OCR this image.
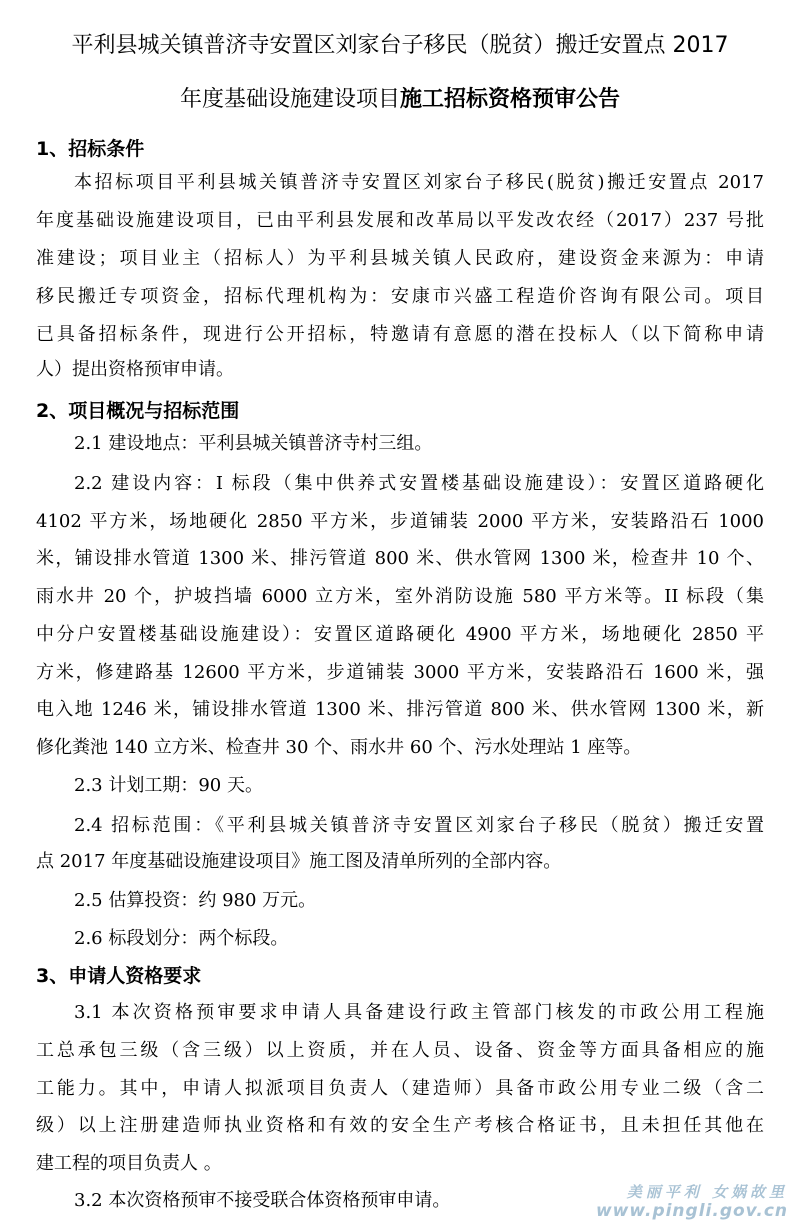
平利县城关镇普济寺安置区刘家台子移民（脱贫）搬迁安置点 2017
年度基础设施建设项目施工招标资格预审公告
1、招标条件
本招标项目平利县城关镇普济寺安置区刘家台子移民(脱贫)搬迁安置点 2017
年度基础设施建设项目，已由平利县发展和改革局以平发改农经（2017）237 号批
准建设；项目业主（招标人）为平利县城关镇人民政府，建设资金来源为：申请
移民搬迁专项资金，招标代理机构为：安康市兴盛工程造价咨询有限公司。项目
已具备招标条件，现进行公开招标，特邀请有意愿的潜在投标人（以下简称申请
人）提出资格预审申请。
2、项目概况与招标范围
2.1 建设地点：平利县城关镇普济寺村三组。
2.2 建设内容：I 标段（集中供养式安置楼基础设施建设）：安置区道路硬化
4102 平方米，场地硬化 2850 平方米，步道铺装 2000 平方米，安装路沿石 1000
米，铺设排水管道 1300 米、排污管道 800 米、供水管网 1300 米，检查井 10 个、
雨水井 20 个，护坡挡墙 6000 立方米，室外消防设施 580 平方米等。II 标段（集
中分户安置楼基础设施建设）：安置区道路硬化 4900 平方米，场地硬化 2850 平
方米，修建路基 12600 平方米，步道铺装 3000 平方米，安装路沿石 1600 米，强
电入地 1246 米，铺设排水管道 1300 米、排污管道 800 米、供水管网 1300 米，新
修化粪池 140 立方米、检查井 30 个、雨水井 60 个、污水处理站 1 座等。
2.3 计划工期：90 天。
2.4 招标范围：《平利县城关镇普济寺安置区刘家台子移民（脱贫）搬迁安置
点 2017 年度基础设施建设项目》施工图及清单所列的全部内容。
2.5 估算投资：约 980 万元。
2.6 标段划分：两个标段。
3、申请人资格要求
3.1 本次资格预审要求申请人具备建设行政主管部门核发的市政公用工程施
工总承包三级（含三级）以上资质，并在人员、设备、资金等方面具备相应的施
工能力。其中，申请人拟派项目负责人（建造师）具备市政公用专业二级（含二
级）以上注册建造师执业资格和有效的安全生产考核合格证书，且未担任其他在
建工程的项目负责人 。
3.2 本次资格预审不接受联合体资格预审申请。	美丽平利 女娲故里
www.pingli.gov.cn
